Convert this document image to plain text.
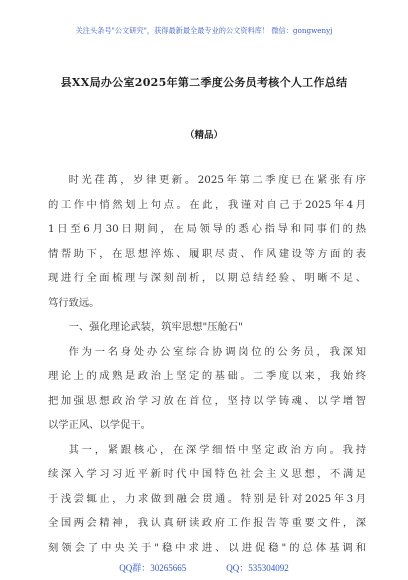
关注头条号"公文研究"，获得最新最全最专业的公文资料库！ 微信：gongwenyj
县XX局办公室2025年第二季度公务员考核个人工作总结
（精品）
时光荏苒，岁律更新。2025年第二季度已在紧张有序
的工作中悄然划上句点。在此，我谨对自己于2025年4月
1日至6月30日期间，在局领导的悉心指导和同事们的热
情帮助下，在思想淬炼、履职尽责、作风建设等方面的表
现进行全面梳理与深刻剖析，以期总结经验、明晰不足、
笃行致远。
一、强化理论武装，筑牢思想"压舱石"
作为一名身处办公室综合协调岗位的公务员，我深知
理论上的成熟是政治上坚定的基础。二季度以来，我始终
把加强思想政治学习放在首位，坚持以学铸魂、以学增智
以学正风、以学促干。
其一，紧跟核心，在深学细悟中坚定政治方向。我持
续深入学习习近平新时代中国特色社会主义思想，不满足
于浅尝辄止，力求做到融会贯通。特别是针对2025年3月
全国两会精神，我认真研读政府工作报告等重要文件，深
刻领会了中央关于"稳中求进、以进促稳"的总体基调和
QQ群：30265665	QQ：535304092
